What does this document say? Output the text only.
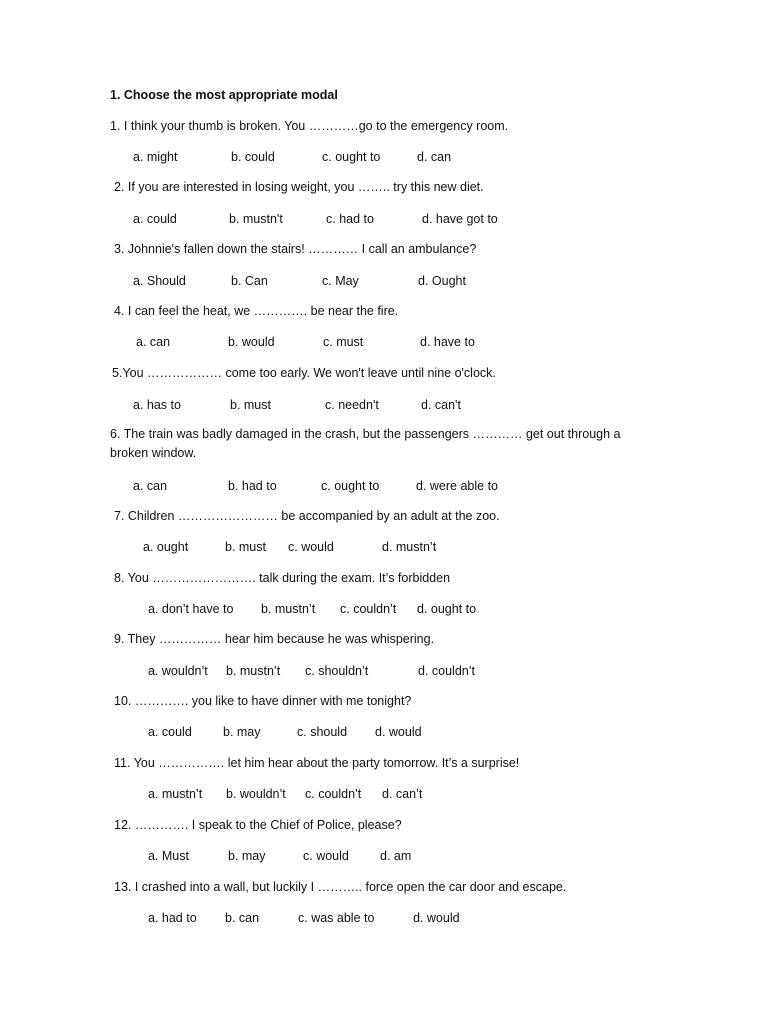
1. Choose the most appropriate modal
1. I think your thumb is broken. You …………go to the emergency room.
a. might	b. could	c. ought to	d. can
2. If you are interested in losing weight, you …….. try this new diet.
a. could	b. mustn't	c. had to	d. have got to
3. Johnnie's fallen down the stairs! ………… I call an ambulance?
a. Should	b. Can	c. May	d. Ought
4. I can feel the heat, we …………. be near the fire.
a. can	b. would	c. must	d. have to
5.You ……………… come too early. We won't leave until nine o'clock.
a. has to	b. must	c. needn't	d. can't
6. The train was badly damaged in the crash, but the passengers ………… get out through a broken window.
a. can	b. had to	c. ought to	d. were able to
7. Children …………………… be accompanied by an adult at the zoo.
a. ought	b. must c. would	d. mustn’t
8. You ……………………. talk during the exam. It’s forbidden
a. don’t have to b. mustn’t c. couldn’t d. ought to
9. They …………… hear him because he was whispering.
a. wouldn’t b. mustn’t c. shouldn’t	d. couldn’t
10. …………. you like to have dinner with me tonight?
a. could b. may	c. should d. would
11. You ……………. let him hear about the party tomorrow. It’s a surprise!
a. mustn’t b. wouldn’t c. couldn’t d. can’t
12. …………. I speak to the Chief of Police, please?
a. Must	b. may	c. would d. am
13. I crashed into a wall, but luckily I ……….. force open the car door and escape.
a. had to b. can	c. was able to	d. would
